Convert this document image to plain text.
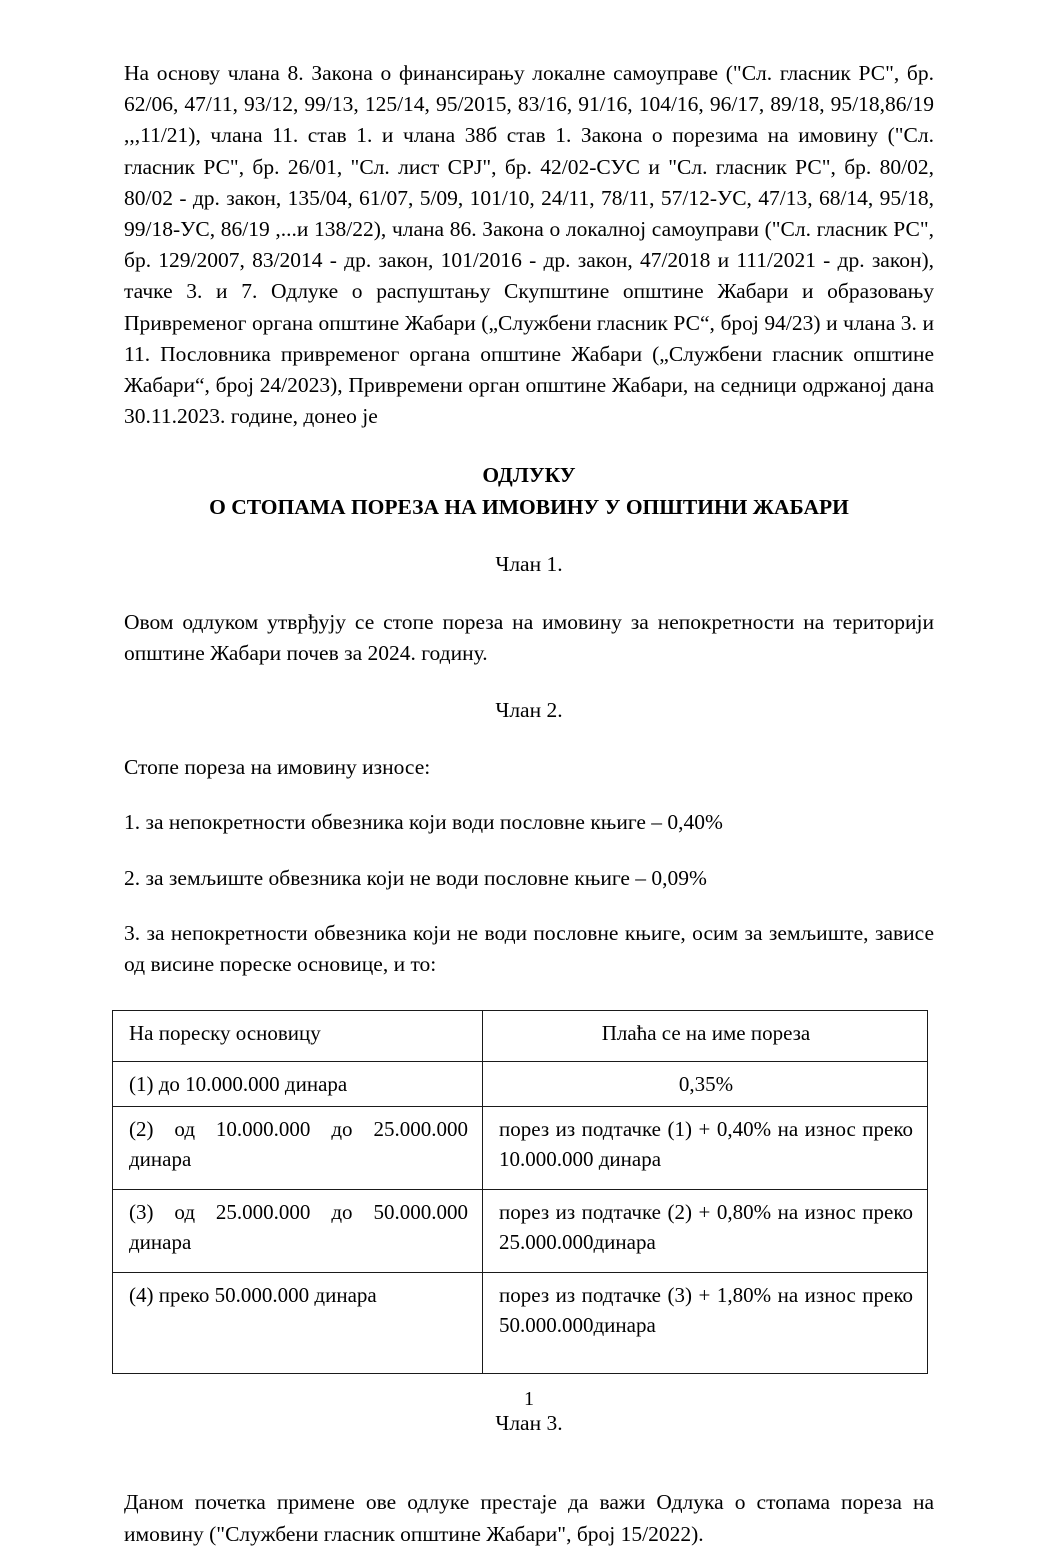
На основу члана 8. Закона о финансирању локалне самоуправе ("Сл. гласник РС", бр. 62/06, 47/11, 93/12, 99/13, 125/14, 95/2015, 83/16, 91/16, 104/16, 96/17, 89/18, 95/18,86/19 ,,,11/21), члана 11. став 1. и члана 38б став 1. Закона о порезима на имовину ("Сл. гласник РС", бр. 26/01, "Сл. лист СРЈ", бр. 42/02-СУС и "Сл. гласник РС", бр. 80/02, 80/02 - др. закон, 135/04, 61/07, 5/09, 101/10, 24/11, 78/11, 57/12-УС, 47/13, 68/14, 95/18, 99/18-УС, 86/19 ,...и 138/22), члана 86. Закона о локалној самоуправи ("Сл. гласник РС", бр. 129/2007, 83/2014 - др. закон, 101/2016 - др. закон, 47/2018 и 111/2021 - др. закон), тачке 3. и 7. Одлуке о распуштању Скупштине општине Жабари и образовању Привременог органа општине Жабари („Службени гласник РС“, број 94/23) и члана 3. и 11. Пословника привременог органа општине Жабари („Службени гласник општине Жабари“, број 24/2023), Привремени орган општине Жабари, на седници одржаној дана 30.11.2023. године, донео је

ОДЛУКУ
О СТОПАМА ПОРЕЗА НА ИМОВИНУ У ОПШТИНИ ЖАБАРИ

Члан 1.

Овом одлуком утврђују се стопе пореза на имовину за непокретности на територији општине Жабари почев за 2024. годину.

Члан 2.

Стопе пореза на имовину износе:

1. за непокретности обвезника који води пословне књиге – 0,40%

2. за земљиште обвезника који не води пословне књиге – 0,09%

3. за непокретности обвезника који не води пословне књиге, осим за земљиште, зависе од висине пореске основице, и то:

На пореску основицу	Плаћа се на име пореза
(1) до 10.000.000 динара	0,35%
(2) од 10.000.000 до 25.000.000 динара	порез из подтачке (1) + 0,40% на износ преко 10.000.000 динара
(3) од 25.000.000 до 50.000.000 динара	порез из подтачке (2) + 0,80% на износ преко 25.000.000динара
(4) преко 50.000.000 динара	порез из подтачке (3) + 1,80% на износ преко 50.000.000динара

Члан 3.

Даном почетка примене ове одлуке престаје да важи Одлука о стопама пореза на имовину ("Службени гласник општине Жабари", број 15/2022).

1
